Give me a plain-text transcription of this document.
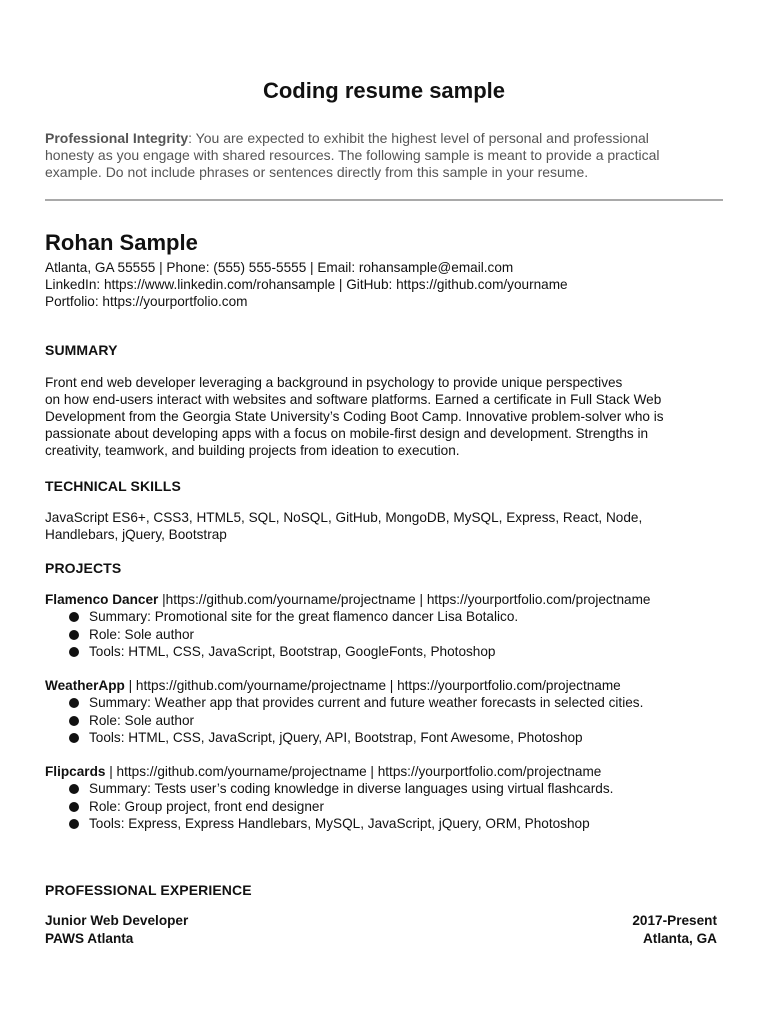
Coding resume sample
Professional Integrity: You are expected to exhibit the highest level of personal and professional
honesty as you engage with shared resources. The following sample is meant to provide a practical
example. Do not include phrases or sentences directly from this sample in your resume.
Rohan Sample
Atlanta, GA 55555 | Phone: (555) 555-5555 | Email: rohansample@email.com
LinkedIn: https://www.linkedin.com/rohansample | GitHub: https://github.com/yourname
Portfolio: https://yourportfolio.com
SUMMARY
Front end web developer leveraging a background in psychology to provide unique perspectives
on how end-users interact with websites and software platforms. Earned a certificate in Full Stack Web
Development from the Georgia State University’s Coding Boot Camp. Innovative problem-solver who is
passionate about developing apps with a focus on mobile-first design and development. Strengths in
creativity, teamwork, and building projects from ideation to execution.
TECHNICAL SKILLS
JavaScript ES6+, CSS3, HTML5, SQL, NoSQL, GitHub, MongoDB, MySQL, Express, React, Node,
Handlebars, jQuery, Bootstrap
PROJECTS
Flamenco Dancer |https://github.com/yourname/projectname | https://yourportfolio.com/projectname
Summary: Promotional site for the great flamenco dancer Lisa Botalico.
Role: Sole author
Tools: HTML, CSS, JavaScript, Bootstrap, GoogleFonts, Photoshop
WeatherApp | https://github.com/yourname/projectname | https://yourportfolio.com/projectname
Summary: Weather app that provides current and future weather forecasts in selected cities.
Role: Sole author
Tools: HTML, CSS, JavaScript, jQuery, API, Bootstrap, Font Awesome, Photoshop
Flipcards | https://github.com/yourname/projectname | https://yourportfolio.com/projectname
Summary: Tests user’s coding knowledge in diverse languages using virtual flashcards.
Role: Group project, front end designer
Tools: Express, Express Handlebars, MySQL, JavaScript, jQuery, ORM, Photoshop
PROFESSIONAL EXPERIENCE
Junior Web Developer	2017-Present
PAWS Atlanta	Atlanta, GA
